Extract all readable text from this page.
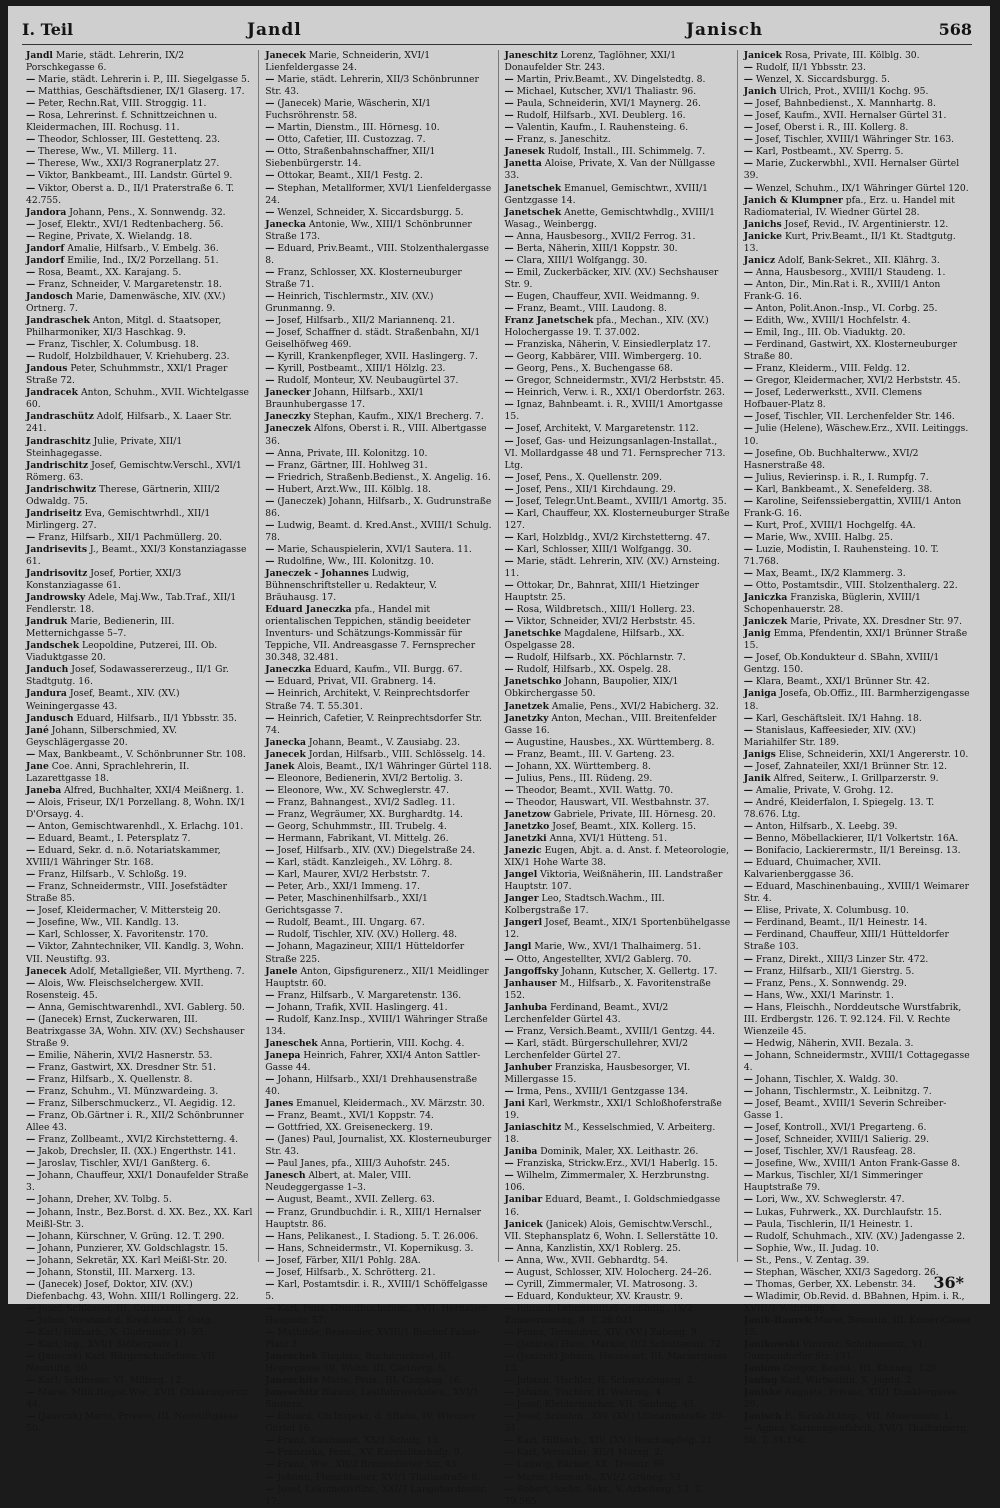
I. Teil	Jandl	Janisch	568

Jandl Marie, städt. Lehrerin, IX/2 Porschkegasse 6.

— Marie, städt. Lehrerin i. P., III. Siegelgasse 5.

— Matthias, Geschäftsdiener, IX/1 Glaserg. 17.

— Peter, Rechn.Rat, VIII. Stroggig. 11.

— Rosa, Lehrerinst. f. Schnittzeichnen u. Kleidermachen, III. Rochusg. 11.

— Theodor, Schlosser, III. Gestettenq. 23.

— Therese, Ww., VI. Millerg. 11.

— Therese, Ww., XXI/3 Rogranerplatz 27.

— Viktor, Bankbeamt., III. Landstr. Gürtel 9.

— Viktor, Oberst a. D., II/1 Praterstraße 6. T. 42.755.

Jandora Johann, Pens., X. Sonnwendg. 32.

— Josef, Elektr., XVI/1 Redtenbacherg. 56.

— Regine, Private, X. Wielandg. 18.

Jandorf Amalie, Hilfsarb., V. Embelg. 36.

Jandorf Emilie, Ind., IX/2 Porzellang. 51.

— Rosa, Beamt., XX. Karajang. 5.

— Franz, Schneider, V. Margaretenstr. 18.

Jandosch Marie, Damenwäsche, XIV. (XV.) Ortnerg. 7.

Jandraschek Anton, Mitgl. d. Staatsoper, Philharmoniker, XI/3 Haschkag. 9.

— Franz, Tischler, X. Columbusg. 18.

— Rudolf, Holzbildhauer, V. Kriehuberg. 23.

Jandous Peter, Schuhmmstr., XXI/1 Prager Straße 72.

Jandracek Anton, Schuhm., XVII. Wichtelgasse 60.

Jandraschütz Adolf, Hilfsarb., X. Laaer Str. 241.

Jandraschitz Julie, Private, XII/1 Steinhagegasse.

Jandrischitz Josef, Gemischtw.Verschl., XVI/1 Römerg. 63.

Jandrischwitz Therese, Gärtnerin, XIII/2 Odwaldg. 75.

Jandriseitz Eva, Gemischtwrhdl., XII/1 Mirlingerg. 27.

— Franz, Hilfsarb., XII/1 Pachmüllerg. 20.

Jandrisevits J., Beamt., XXI/3 Konstanziagasse 61.

Jandrisovitz Josef, Portier, XXI/3 Konstanziagasse 61.

Jandrowsky Adele, Maj.Ww., Tab.Traf., XII/1 Fendlerstr. 18.

Jandruk Marie, Bedienerin, III. Metternichgasse 5–7.

Jandschek Leopoldine, Putzerei, III. Ob. Viaduktgasse 20.

Janduch Josef, Sodawassererzeug., II/1 Gr. Stadtgutg. 16.

Jandura Josef, Beamt., XIV. (XV.) Weiningergasse 43.

Jandusch Eduard, Hilfsarb., II/1 Ybbsstr. 35.

Jané Johann, Silberschmied, XV. Geyschlägergasse 20.

— Max, Bankbeamt., V. Schönbrunner Str. 108.

Jane Coe. Anni, Sprachlehrerin, II. Lazarettgasse 18.

Janeba Alfred, Buchhalter, XXI/4 Meißnerg. 1.

— Alois, Friseur, IX/1 Porzellang. 8, Wohn. IX/1 D'Orsayg. 4.

— Anton, Gemischtwarenhdl., X. Erlachg. 101.

— Eduard, Beamt., I. Petersplatz 7.

— Eduard, Sekr. d. n.ö. Notariatskammer, XVIII/1 Währinger Str. 168.

— Franz, Hilfsarb., V. Schloßg. 19.

— Franz, Schneidermstr., VIII. Josefstädter Straße 85.

— Josef, Kleidermacher, V. Mittersteig 20.

— Josefine, Ww., VII. Kandlg. 13.

— Karl, Schlosser, X. Favoritenstr. 170.

— Viktor, Zahntechniker, VII. Kandlg. 3, Wohn. VII. Neustiftg. 93.

Janecek Adolf, Metallgießer, VII. Myrtheng. 7.

— Alois, Ww. Fleischselchergew. XVII. Rosensteig. 45.

— Anna, Gemischtwarenhdl., XVI. Gablerg. 50.

— (Janecek) Ernst, Zuckerwaren, III. Beatrixgasse 3A, Wohn. XIV. (XV.) Sechshauser Straße 9.

— Emilie, Näherin, XVI/2 Hasnerstr. 53.

— Franz, Gastwirt, XX. Dresdner Str. 51.

— Franz, Hilfsarb., X. Quellenstr. 8.

— Franz, Schuhm., VI. Münzwardeing. 3.

— Franz, Silberschmuckerz., VI. Aegidig. 12.

— Franz, Ob.Gärtner i. R., XII/2 Schönbrunner Allee 43.

— Franz, Zollbeamt., XVI/2 Kirchstetterng. 4.

— Jakob, Drechsler, II. (XX.) Engerthstr. 141.

— Jaroslav, Tischler, XVI/1 Ganßterg. 6.

— Johann, Chauffeur, XXI/1 Donaufelder Straße 3.

— Johann, Dreher, XV. Tolbg. 5.

— Johann, Instr., Bez.Borst. d. XX. Bez., XX. Karl Meißl-Str. 3.

— Johann, Kürschner, V. Grüng. 12. T. 290.

— Johann, Punzierer, XV. Goldschlagstr. 15.

— Johann, Sekretär, XX. Karl Meißl-Str. 20.

— Johann, Stonstil, III. Marxerg. 13.

— (Janecek) Josef, Doktor, XIV. (XV.) Diefenbachg. 43, Wohn. XIII/1 Rollingerg. 22.

— Josef, Schlosser, III. Custozzag. 7.

— Julius, Vorstand d. Kred.Anst. I. Gutg.

— Karl, Hilfsarb., X. Gudrunstr. 91–93.

— Karl, Ing., XVI/1 Stöberplatz 1.

— (Janecek) Karl, Bürgerschullehrer, VII. Neustiftg. 50.

— Karl, Schlosser, VI. Millerg. 12.

— Marie, Milit.Regist.Ww., XVII. Ottakringerstr. 44.

— (Janecek) Marie, Private, III. Neustiftgasse 50.

Janecek Marie, Schneiderin, XVI/1 Lienfeldergasse 24.

— Marie, städt. Lehrerin, XII/3 Schönbrunner Str. 43.

— (Janecek) Marie, Wäscherin, XI/1 Fuchsröhrenstr. 58.

— Martin, Dienstm., III. Hörnesg. 10.

— Otto, Cafetier, III. Custozzag. 7.

— Otto, Straßenbahnschaffner, XII/1 Siebenbürgerstr. 14.

— Ottokar, Beamt., XII/1 Festg. 2.

— Stephan, Metallformer, XVI/1 Lienfeldergasse 24.

— Wenzel, Schneider, X. Siccardsburgg. 5.

Janecka Antonie, Ww., XIII/1 Schönbrunner Straße 173.

— Eduard, Priv.Beamt., VIII. Stolzenthalergasse 8.

— Franz, Schlosser, XX. Klosterneuburger Straße 71.

— Heinrich, Tischlermstr., XIV. (XV.) Grunmanng. 9.

— Josef, Hilfsarb., XII/2 Mariannenq. 21.

— Josef, Schaffner d. städt. Straßenbahn, XI/1 Geiselhöfweg 469.

— Kyrill, Krankenpfleger, XVII. Haslingerg. 7.

— Kyrill, Postbeamt., XIII/1 Hölzlg. 23.

— Rudolf, Monteur, XV. Neubaugürtel 37.

Janecker Johann, Hilfsarb., XXI/1 Braunhubergasse 17.

Janeczky Stephan, Kaufm., XIX/1 Brecherg. 7.

Janeczek Alfons, Oberst i. R., VIII. Albertgasse 36.

— Anna, Private, III. Kolonitzg. 10.

— Franz, Gärtner, III. Hohlweg 31.

— Friedrich, Straßenb.Bedienst., X. Angelig. 16.

— Hubert, Arzt.Ww., III. Kölblg. 18.

— (Janeczek) Johann, Hilfsarb., X. Gudrunstraße 86.

— Ludwig, Beamt. d. Kred.Anst., XVIII/1 Schulg. 78.

— Marie, Schauspielerin, XVI/1 Sautera. 11.

— Rudolfine, Ww., III. Kolonitzg. 10.

Janeczek - Johannes Ludwig, Bühnenschriftsteller u. Redakteur, V. Bräuhausg. 17.

Eduard Janeczka pfa., Handel mit orientalischen Teppichen, ständig beeideter Inventurs- und Schätzungs-Kommissär für Teppiche, VII. Andreasgasse 7. Fernsprecher 30.348, 32.481.

Janeczka Eduard, Kaufm., VII. Burgg. 67.

— Eduard, Privat, VII. Grabnerg. 14.

— Heinrich, Architekt, V. Reinprechtsdorfer Straße 74. T. 55.301.

— Heinrich, Cafetier, V. Reinprechtsdorfer Str. 74.

Janecka Johann, Beamt., V. Zausiabg. 23.

Janecek Jordan, Hilfsarb., VIII. Schlösselg. 14.

Janek Alois, Beamt., IX/1 Währinger Gürtel 118.

— Eleonore, Bedienerin, XVI/2 Bertolig. 3.

— Eleonore, Ww., XV. Schweglerstr. 47.

— Franz, Bahnangest., XVI/2 Sadleg. 11.

— Franz, Wegräumer, XX. Burghardtg. 14.

— Georg, Schuhmmstr., III. Trubelg. 4.

— Hermann, Fabrikant, VI. Mittelg. 26.

— Josef, Hilfsarb., XIV. (XV.) Diegelstraße 24.

— Karl, städt. Kanzleigeh., XV. Löhrg. 8.

— Karl, Maurer, XVI/2 Herbststr. 7.

— Peter, Arb., XXI/1 Immeng. 17.

— Peter, Maschinenhilfsarb., XXI/1 Gerichtsgasse 7.

— Rudolf, Beamt., III. Ungarg. 67.

— Rudolf, Tischler, XIV. (XV.) Hollerg. 48.

— Johann, Magazineur, XIII/1 Hütteldorfer Straße 225.

Janele Anton, Gipsfigurenerz., XII/1 Meidlinger Hauptstr. 60.

— Franz, Hilfsarb., V. Margaretenstr. 136.

— Johann, Trafik, XVII. Haslingerg. 41.

— Rudolf, Kanz.Insp., XVIII/1 Währinger Straße 134.

Janeschek Anna, Portierin, VIII. Kochg. 4.

Janepa Heinrich, Fahrer, XXI/4 Anton Sattler-Gasse 44.

— Johann, Hilfsarb., XXI/1 Drehhausenstraße 40.

Janes Emanuel, Kleidermach., XV. Märzstr. 30.

— Franz, Beamt., XVI/1 Koppstr. 74.

— Gottfried, XX. Greiseneckerg. 19.

— (Janes) Paul, Journalist, XX. Klosterneuburger Str. 43.

— Paul Janes, pfa., XIII/3 Auhofstr. 245.

Janesch Albert, at. Maler, VIII. Neudeggergasse 1–3.

— August, Beamt., XVII. Zellerg. 63.

— Franz, Grundbuchdir. i. R., XIII/1 Hernalser Hauptstr. 86.

— Hans, Pelikanest., I. Stadiong. 5. T. 26.006.

— Hans, Schneidermstr., VI. Kopernikusg. 3.

— Josef, Färber, XII/1 Pohlg. 28A.

— Josef, Hilfsarb., X. Schrötterg. 21.

— Karl, Postamtsdir. i. R., XVIII/1 Schöffelgasse 5.

— Karl, Pens. Grundbuchsführ., XVII. Hernalser Hauptstr. 57.

— Mathilde, Reisender, XVIII/1 Bischof Faber-Platz 3.

Janeschek Stephan, Buchdruckerei, III. Hegergasse 10, Wohn. III. Gärtnerg. 5.

Janeschits Marie, Pens., III. Czapkag. 16.

Janeschitz Blasius, Lastfuhrwerksbes., XVI/1 Sautera.

— Eduard, Ob.Inspekt. d. SBahn, IV. Wiedner Gürtel 16.

— Franz, Kaufmann, XX/1 Schulg. 15.

— Franziska, Pens., XV. Karmeliterhofg. 9.

— Franz, Ww., XII/2 Breitenfurter Str. 43.

— Johann, Fleischhauer, XVI/1 Thaliastraße 8.

— Josef, Lokomotivführ., XXI/3 Langobardenstr. 17.

Janeschitz Lorenz, Taglöhner, XXI/1 Donaufelder Str. 243.

— Martin, Priv.Beamt., XV. Dingelstedtg. 8.

— Michael, Kutscher, XVI/1 Thaliastr. 96.

— Paula, Schneiderin, XVI/1 Maynerg. 26.

— Rudolf, Hilfsarb., XVI. Deublerg. 16.

— Valentin, Kaufm., I. Rauhensteing. 6.

— Franz, s. Janeschitz.

Janesek Rudolf, Install., III. Schimmelg. 7.

Janetta Aloise, Private, X. Van der Nüllgasse 33.

Janetschek Emanuel, Gemischtwr., XVIII/1 Gentzgasse 14.

Janetschek Anette, Gemischtwhdlg., XVIII/1 Wasag., Weinbergg.

— Anna, Hausbesorg., XVII/2 Ferrog. 31.

— Berta, Näherin, XIII/1 Koppstr. 30.

— Clara, XIII/1 Wolfgangg. 30.

— Emil, Zuckerbäcker, XIV. (XV.) Sechshauser Str. 9.

— Eugen, Chauffeur, XVII. Weidmanng. 9.

— Franz, Beamt., VIII. Laudong. 8.

Franz Janetschek pfa., Mechan., XIV. (XV.) Holochergasse 19. T. 37.002.

— Franziska, Näherin, V. Einsiedlerplatz 17.

— Georg, Kabbärer, VIII. Wimbergerg. 10.

— Georg, Pens., X. Buchengasse 68.

— Gregor, Schneidermstr., XVI/2 Herbststr. 45.

— Heinrich, Verw. i. R., XXI/1 Oberdorfstr. 263.

— Ignaz, Bahnbeamt. i. R., XVIII/1 Amortgasse 15.

— Josef, Architekt, V. Margaretenstr. 112.

— Josef, Gas- und Heizungsanlagen-Installat., VI. Mollardgasse 48 und 71. Fernsprecher 713. Ltg.

— Josef, Pens., X. Quellenstr. 209.

— Josef, Pens., XII/1 Kirchdaung. 29.

— Josef, Telegr.Unt.Beamt., XVIII/1 Amortg. 35.

— Karl, Chauffeur, XX. Klosterneuburger Straße 127.

— Karl, Holzbldg., XVI/2 Kirchstetterng. 47.

— Karl, Schlosser, XIII/1 Wolfgangg. 30.

— Marie, städt. Lehrerin, XIV. (XV.) Arnsteing. 11.

— Ottokar, Dr., Bahnrat, XIII/1 Hietzinger Hauptstr. 25.

— Rosa, Wildbretsch., XIII/1 Hollerg. 23.

— Viktor, Schneider, XVI/2 Herbststr. 45.

Janetschke Magdalene, Hilfsarb., XX. Ospelgasse 28.

— Rudolf, Hilfsarb., XX. Pöchlarnstr. 7.

— Rudolf, Hilfsarb., XX. Ospelg. 28.

Janetschko Johann, Baupolier, XIX/1 Obkirchergasse 50.

Janetzek Amalie, Pens., XVI/2 Habicherg. 32.

Janetzky Anton, Mechan., VIII. Breitenfelder Gasse 16.

— Augustine, Hausbes., XX. Württemberg. 8.

— Franz, Beamt., III. V. Garteng. 23.

— Johann, XX. Württemberg. 8.

— Julius, Pens., III. Rüdeng. 29.

— Theodor, Beamt., XVII. Wattg. 70.

— Theodor, Hauswart, VII. Westbahnstr. 37.

Janetzow Gabriele, Private, III. Hörnesg. 20.

Janetzko Josef, Beamt., XIX. Kollerg. 15.

Janetzki Anna, XVI/1 Hütteng. 51.

Janezic Eugen, Abjt. a. d. Anst. f. Meteorologie, XIX/1 Hohe Warte 38.

Jangel Viktoria, Weißnäherin, III. Landstraßer Hauptstr. 107.

Janger Leo, Stadtsch.Wachm., III. Kolbergstraße 17.

Jangerl Josef, Beamt., XIX/1 Sportenbühelgasse 12.

Jangl Marie, Ww., XVI/1 Thalhaimerg. 51.

— Otto, Angestellter, XVI/2 Gablerg. 70.

Jangoffsky Johann, Kutscher, X. Gellertg. 17.

Janhauser M., Hilfsarb., X. Favoritenstraße 152.

Janhuba Ferdinand, Beamt., XVI/2 Lerchenfelder Gürtel 43.

— Franz, Versich.Beamt., XVIII/1 Gentzg. 44.

— Karl, städt. Bürgerschullehrer, XVI/2 Lerchenfelder Gürtel 27.

Janhuber Franziska, Hausbesorger, VI. Millergasse 15.

— Irma, Pens., XVIII/1 Gentzgasse 134.

Jani Karl, Werkmstr., XXI/1 Schloßhoferstraße 19.

Janiaschitz M., Kesselschmied, V. Arbeiterg. 18.

Janiba Dominik, Maler, XX. Leithastr. 26.

— Franziska, Strickw.Erz., XVI/1 Haberlg. 15.

— Wilhelm, Zimmermaler, X. Herzbrunstng. 106.

Janibar Eduard, Beamt., I. Goldschmiedgasse 16.

Janicek (Janicek) Alois, Gemischtw.Verschl., VII. Stephansplatz 6, Wohn. I. Sellerstätte 10.

— Anna, Kanzlistin, XX/1 Roblerg. 25.

— Anna, Ww., XVII. Gebhardtg. 54.

— August, Schlosser, XIV. Holocherg. 24–26.

— Cyrill, Zimmermaler, VI. Matrosong. 3.

— Eduard, Kondukteur, XV. Kraustr. 9.

— Eduard, Lebensmittel-Großhdlg., IX/2 Zimmermanng. 8. T. 26.021.

— Franz, Ternindrer, XIV. (XV.) Zabeng. 9.

— (Janicek) Hans, Markör, II/3 Schüttaustr. 72.

— (Janicek) Johann, Hauswart, III. Marzergasse 13.

— Johann, Tischler, II. Schwarzingerg. 2.

— Johann, Tischler, II. Wehrmg. 4.

— Josef, Kleidermacher, VII. Seideng. 43.

— Josef, Schuhm., XIV. (XV.) Ullmannstraße 29–31.

— Karl, Hilfsarb., XIV. (XV.) Reichsapfelg. 21.

— Karl, Verwalter, XII/1 Marxg. 2.

— Ludwig, Bäcker, XX. Treustr. 66.

— Marie, Heimarb., XVI/2 Grüneg. 53.

— Robert, techn. Sekr., V. Arbeiterg. 13. T. 79.565.

Janicek Rosa, Private, III. Kölblg. 30.

— Rudolf, II/1 Ybbsstr. 23.

— Wenzel, X. Siccardsburgg. 5.

Janich Ulrich, Prot., XVIII/1 Kochg. 95.

— Josef, Bahnbedienst., X. Mannhartg. 8.

— Josef, Kaufm., XVII. Hernalser Gürtel 31.

— Josef, Oberst i. R., III. Kollerg. 8.

— Josef, Tischler, XVIII/1 Währinger Str. 163.

— Karl, Postbeamt., XV. Sperrg. 5.

— Marie, Zuckerwbhl., XVII. Hernalser Gürtel 39.

— Wenzel, Schuhm., IX/1 Währinger Gürtel 120.

Janich & Klumpner pfa., Erz. u. Handel mit Radiomaterial, IV. Wiedner Gürtel 28.

Janichs Josef, Revid., IV. Argentinierstr. 12.

Janicke Kurt, Priv.Beamt., II/1 Kt. Stadtgutg. 13.

Janicz Adolf, Bank-Sekret., XII. Klährg. 3.

— Anna, Hausbesorg., XVIII/1 Staudeng. 1.

— Anton, Dir., Min.Rat i. R., XVIII/1 Anton Frank-G. 16.

— Anton, Polit.Anon.-Insp., VI. Corbg. 25.

— Edith, Ww., XVIII/1 Hochfelstr. 4.

— Emil, Ing., III. Ob. Viaduktg. 20.

— Ferdinand, Gastwirt, XX. Klosterneuburger Straße 80.

— Franz, Kleiderm., VIII. Feldg. 12.

— Gregor, Kleidermacher, XVI/2 Herbststr. 45.

— Josef, Lederwerkstt., XVII. Clemens Hofbauer-Platz 8.

— Josef, Tischler, VII. Lerchenfelder Str. 146.

— Julie (Helene), Wäschew.Erz., XVII. Leitinggs. 10.

— Josefine, Ob. Buchhalterww., XVI/2 Hasnerstraße 48.

— Julius, Revierinsp. i. R., I. Rumpfg. 7.

— Karl, Bankbeamt., X. Senefelderg. 38.

— Karoline, Seifenssiebergattin, XVIII/1 Anton Frank-G. 16.

— Kurt, Prof., XVIII/1 Hochgelfg. 4A.

— Marie, Ww., XVIII. Halbg. 25.

— Luzie, Modistin, I. Rauhensteing. 10. T. 71.768.

— Max, Beamt., IX/2 Klammerg. 3.

— Otto, Postamtsdir., VIII. Stolzenthalerg. 22.

Janiczka Franziska, Büglerin, XVIII/1 Schopenhauerstr. 28.

Janiczek Marie, Private, XX. Dresdner Str. 97.

Janig Emma, Pfendentin, XXI/1 Brünner Straße 15.

— Josef, Ob.Kondukteur d. SBahn, XVIII/1 Gentzg. 150.

— Klara, Beamt., XXI/1 Brünner Str. 42.

Janiga Josefa, Ob.Offiz., III. Barmherzigengasse 18.

— Karl, Geschäftsleit. IX/1 Hahng. 18.

— Stanislaus, Kaffeesieder, XIV. (XV.) Mariahilfer Str. 189.

Janigs Elise, Schneiderin, XXI/1 Angererstr. 10.

— Josef, Zahnateiler, XXI/1 Brünner Str. 12.

Janik Alfred, Seiterw., I. Grillparzerstr. 9.

— Amalie, Private, V. Grohg. 12.

— André, Kleiderfalon, I. Spiegelg. 13. T. 78.676. Ltg.

— Anton, Hilfsarb., X. Leebg. 39.

— Benno, Möbellackierer, II/1 Volkertstr. 16A.

— Bonifacio, Lackierermstr., II/1 Bereinsg. 13.

— Eduard, Chuimacher, XVII. Kalvarienberggasse 36.

— Eduard, Maschinenbauing., XVIII/1 Weimarer Str. 4.

— Elise, Private, X. Columbusg. 10.

— Ferdinand, Beamt., II/1 Heinestr. 14.

— Ferdinand, Chauffeur, XIII/1 Hütteldorfer Straße 103.

— Franz, Direkt., XIII/3 Linzer Str. 472.

— Franz, Hilfsarb., XII/1 Gierstrg. 5.

— Franz, Pens., X. Sonnwendg. 29.

— Hans, Ww., XXI/1 Marinstr. 1.

— Hans, Fleischh., Norddeutsche Wurstfabrik, III. Erdbergstr. 126. T. 92.124. Fil. V. Rechte Wienzeile 45.

— Hedwig, Näherin, XVII. Bezala. 3.

— Johann, Schneidermstr., XVIII/1 Cottagegasse 4.

— Johann, Tischler, X. Waldg. 30.

— Johann, Tischlermstr., X. Leibnitzg. 7.

— Josef, Beamt., XVIII/1 Severin Schreiber-Gasse 1.

— Josef, Kontroll., XVI/1 Pregarteng. 6.

— Josef, Schneider, XVIII/1 Salierig. 29.

— Josef, Tischler, XV/1 Rausfeag. 28.

— Josefine, Ww., XVIII/1 Anton Frank-Gasse 8.

— Markus, Tischler, XI/1 Simmeringer Hauptstraße 79.

— Lori, Ww., XV. Schweglerstr. 47.

— Lukas, Fuhrwerk., XX. Durchlaufstr. 15.

— Paula, Tischlerin, II/1 Heinestr. 1.

— Rudolf, Schuhmach., XIV. (XV.) Jadengasse 2.

— Sophie, Ww., II. Judag. 10.

— St., Pens., V. Zentag. 39.

— Stephan, Wäscher, XXI/3 Sagedorg. 26.

— Thomas, Gerber, XX. Lebenstr. 34.

— Wladimir, Ob.Revid. d. BBahnen, Hpim. i. R., XVIII/1 Währingg. 6.

Janik-Baurek Marie, Beamtin, III. Kriner-Gasse 15.

Janikowski Vinzenz, Schuhmmstr., VI. Gumpendorfer Str. 131.

Janiom Gregor, Beamt., III. Khunng. 129.

Janing Karl, Wirtwaltin, X. Jagdg. 2.

Janiske Auguste, Private, XII/1 Dunklergasse 29.

Janisch F., Sichh.B.Insp., VII. Museumstr. 1.

— Agnes, Kartonagenfabrik, XVI/1 Thalhaimerg. 50. T. 34.156.

36*
